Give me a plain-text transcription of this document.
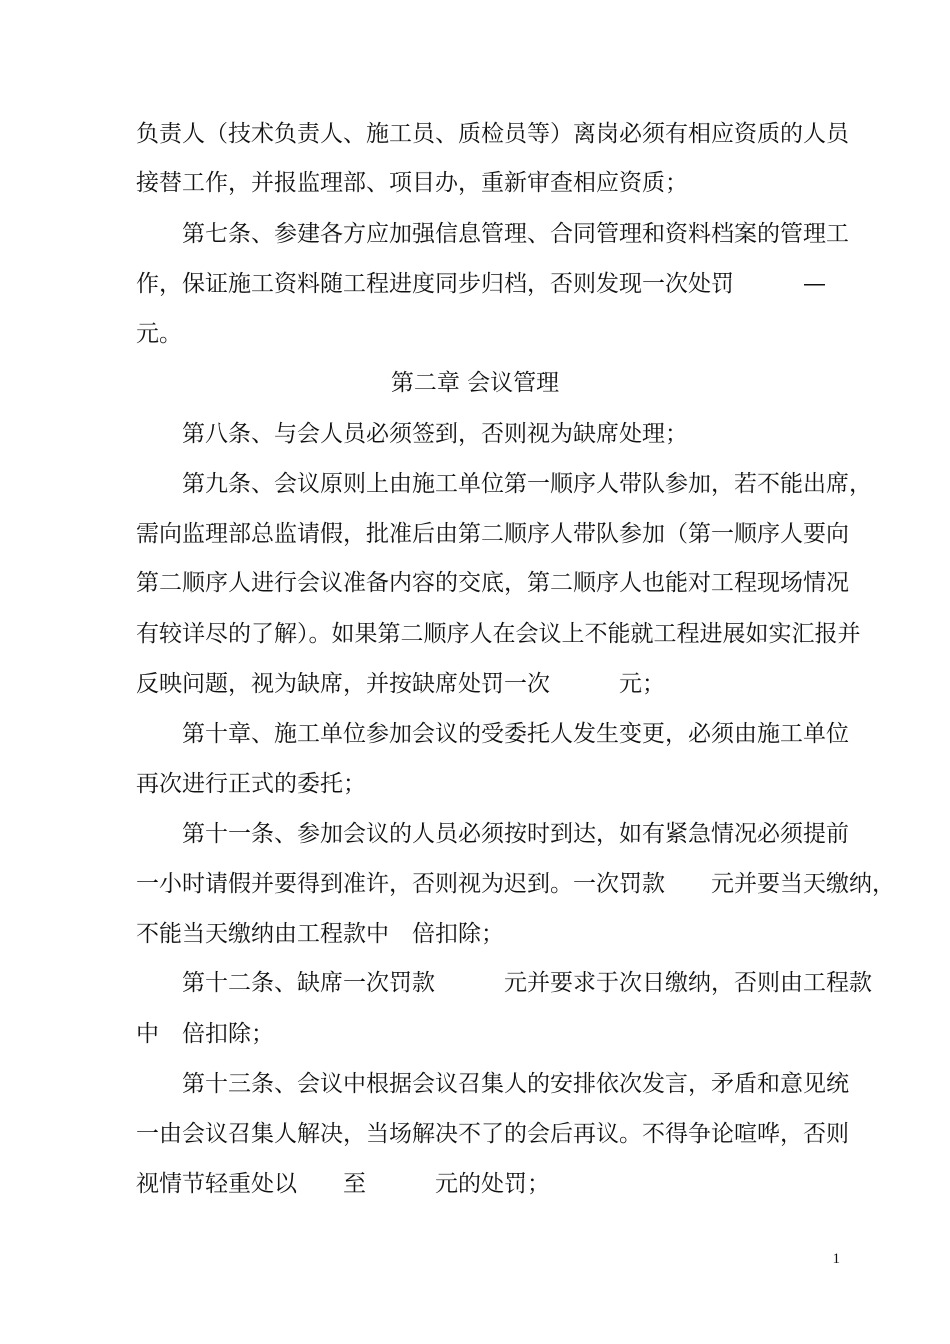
负责人（技术负责人、施工员、质检员等）离岗必须有相应资质的人员
接替工作，并报监理部、项目办，重新审查相应资质；
第七条、参建各方应加强信息管理、合同管理和资料档案的管理工
作，保证施工资料随工程进度同步归档，否则发现一次处罚　　　—
元。
第二章 会议管理
第八条、与会人员必须签到，否则视为缺席处理；
第九条、会议原则上由施工单位第一顺序人带队参加，若不能出席，
需向监理部总监请假，批准后由第二顺序人带队参加（第一顺序人要向
第二顺序人进行会议准备内容的交底，第二顺序人也能对工程现场情况
有较详尽的了解）。如果第二顺序人在会议上不能就工程进展如实汇报并
反映问题，视为缺席，并按缺席处罚一次　　　元；
第十章、施工单位参加会议的受委托人发生变更，必须由施工单位
再次进行正式的委托；
第十一条、参加会议的人员必须按时到达，如有紧急情况必须提前
一小时请假并要得到准许，否则视为迟到。一次罚款　　元并要当天缴纳，
不能当天缴纳由工程款中　倍扣除；
第十二条、缺席一次罚款　　　元并要求于次日缴纳，否则由工程款
中　倍扣除；
第十三条、会议中根据会议召集人的安排依次发言，矛盾和意见统
一由会议召集人解决，当场解决不了的会后再议。不得争论喧哗，否则
视情节轻重处以　　至　　　元的处罚；
1
